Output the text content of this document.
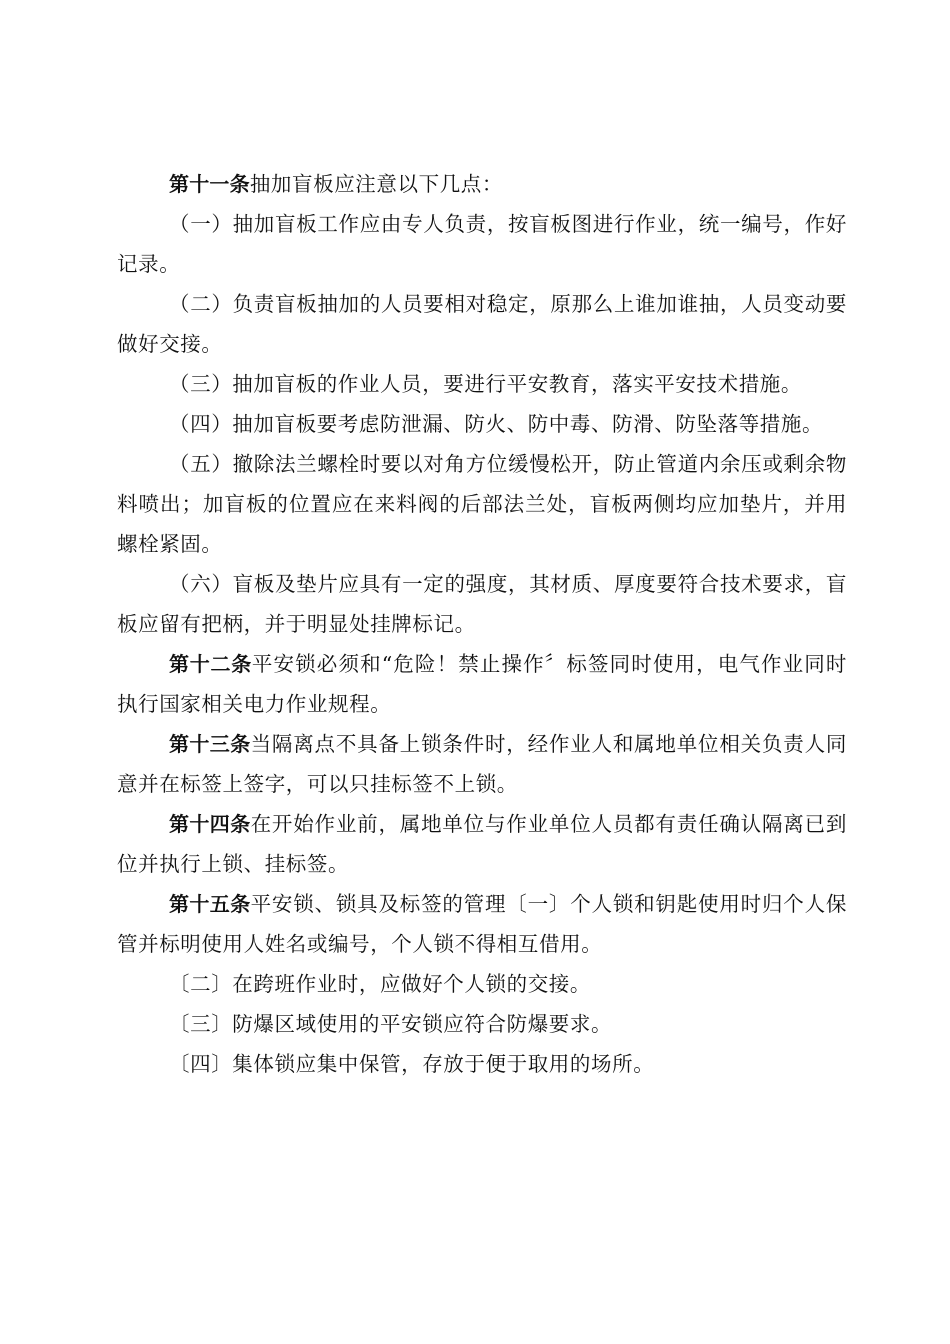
第十一条抽加盲板应注意以下几点：

（一）抽加盲板工作应由专人负责，按盲板图进行作业，统一编号，作好记录。

（二）负责盲板抽加的人员要相对稳定，原那么上谁加谁抽，人员变动要做好交接。

（三）抽加盲板的作业人员，要进行平安教育，落实平安技术措施。

（四）抽加盲板要考虑防泄漏、防火、防中毒、防滑、防坠落等措施。

（五）撤除法兰螺栓时要以对角方位缓慢松开，防止管道内余压或剩余物料喷出；加盲板的位置应在来料阀的后部法兰处，盲板两侧均应加垫片，并用螺栓紧固。

（六）盲板及垫片应具有一定的强度，其材质、厚度要符合技术要求，盲板应留有把柄，并于明显处挂牌标记。

第十二条平安锁必须和“危险！禁止操作〞标签同时使用，电气作业同时执行国家相关电力作业规程。

第十三条当隔离点不具备上锁条件时，经作业人和属地单位相关负责人同意并在标签上签字，可以只挂标签不上锁。

第十四条在开始作业前，属地单位与作业单位人员都有责任确认隔离已到位并执行上锁、挂标签。

第十五条平安锁、锁具及标签的管理〔一〕个人锁和钥匙使用时归个人保管并标明使用人姓名或编号，个人锁不得相互借用。

〔二〕在跨班作业时，应做好个人锁的交接。

〔三〕防爆区域使用的平安锁应符合防爆要求。

〔四〕集体锁应集中保管，存放于便于取用的场所。
